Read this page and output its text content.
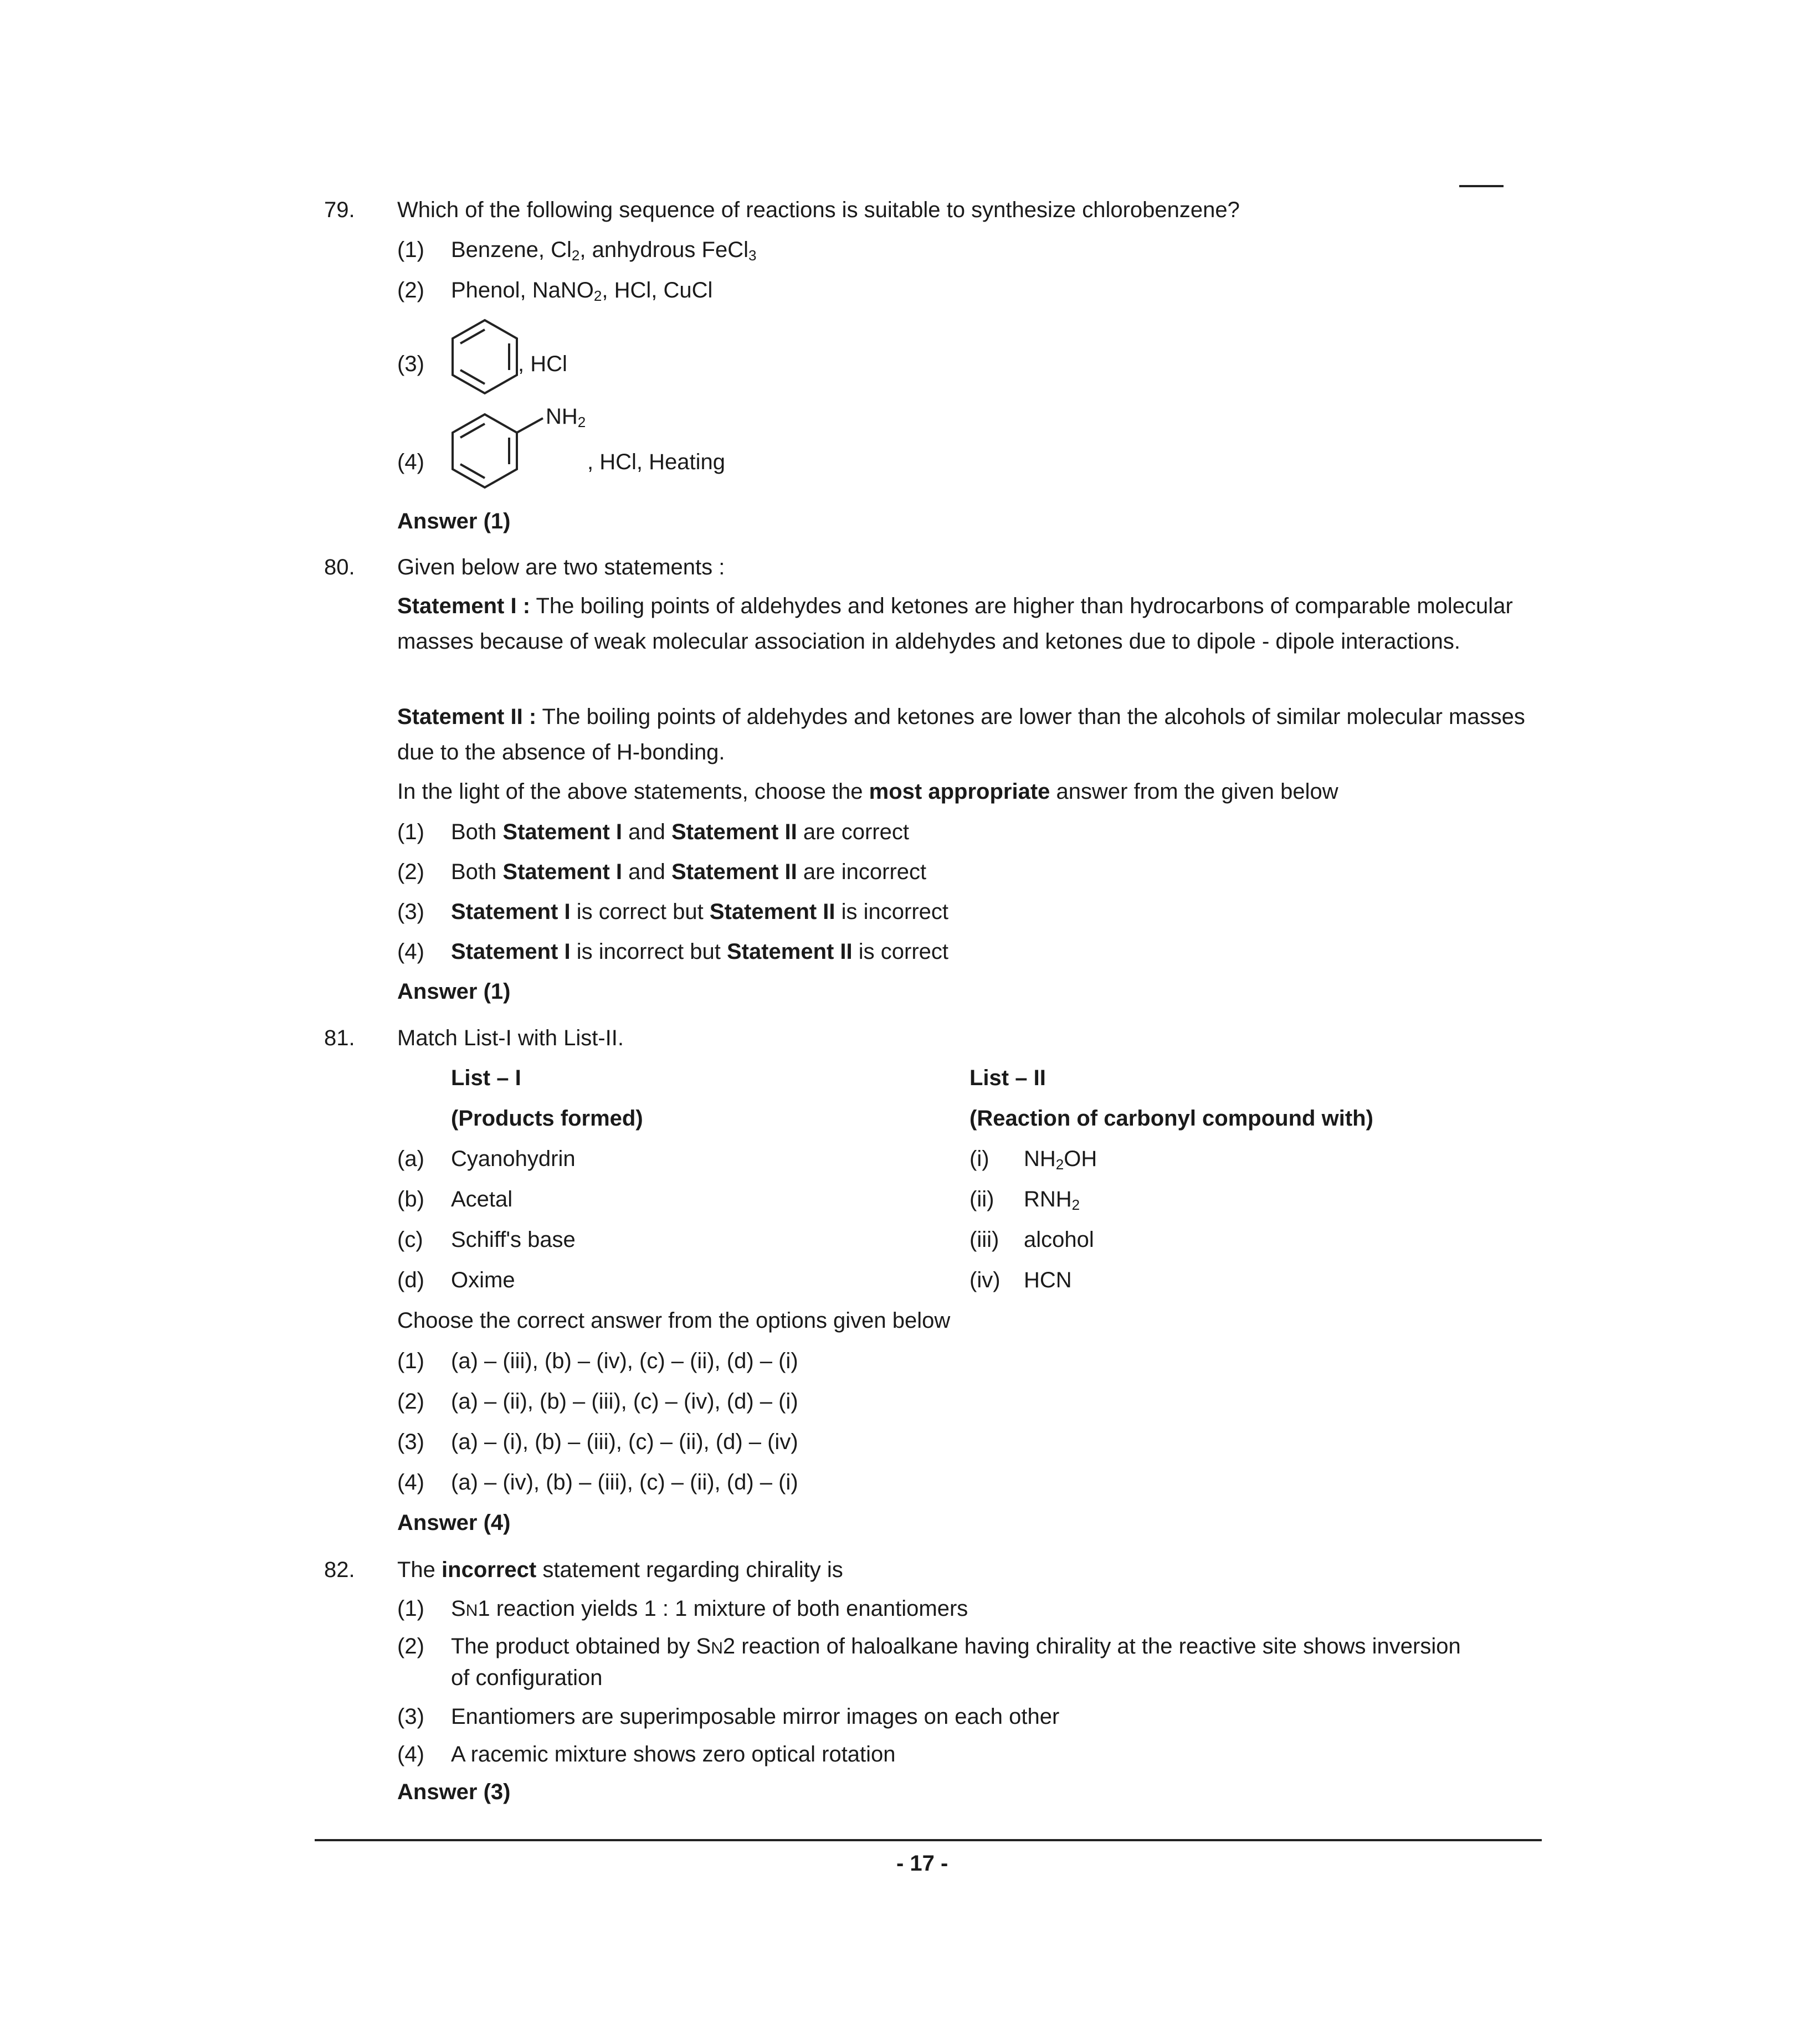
79. Which of the following sequence of reactions is suitable to synthesize chlorobenzene?
(1) Benzene, $Cl_2$, anhydrous FeCl$_3$
(2) Phenol, NaNO$_2$, HCl, CuCl
(3)	, HCl
(4)
$NH_2$
, HCl, Heating
Answer (1)
80. Given below are two statements :
Statement I : The boiling points of aldehydes and ketones are higher than hydrocarbons of comparable molecular masses because of weak molecular association in aldehydes and ketones due to dipole - dipole interactions.
Statement II : The boiling points of aldehydes and ketones are lower than the alcohols of similar molecular masses due to the absence of H-bonding.
In the light of the above statements, choose the most appropriate answer from the given below
(1) Both Statement I and Statement II are correct
(2) Both Statement I and Statement II are incorrect
(3) Statement I is correct but Statement II is incorrect
(4) Statement I is incorrect but Statement II is correct
Answer (1)
81. Match List-I with List-II.
List – I	List – II
(Products formed)	(Reaction of carbonyl compound with)
(a) Cyanohydrin	(i) $NH_2OH$
(b) Acetal	(ii) $RNH_2$
(c) Schiff's base	(iii) alcohol
(d) Oxime	(iv) HCN
Choose the correct answer from the options given below
(1) (a) – (iii), (b) – (iv), (c) – (ii), (d) – (i)
(2) (a) – (ii), (b) – (iii), (c) – (iv), (d) – (i)
(3) (a) – (i), (b) – (iii), (c) – (ii), (d) – (iv)
(4) (a) – (iv), (b) – (iii), (c) – (ii), (d) – (i)
Answer (4)
82. The incorrect statement regarding chirality is
(1) SN1 reaction yields 1 : 1 mixture of both enantiomers
(2) The product obtained by SN2 reaction of haloalkane having chirality at the reactive site shows inversion
of configuration
(3) Enantiomers are superimposable mirror images on each other
(4) A racemic mixture shows zero optical rotation
Answer (3)
- 17 -
